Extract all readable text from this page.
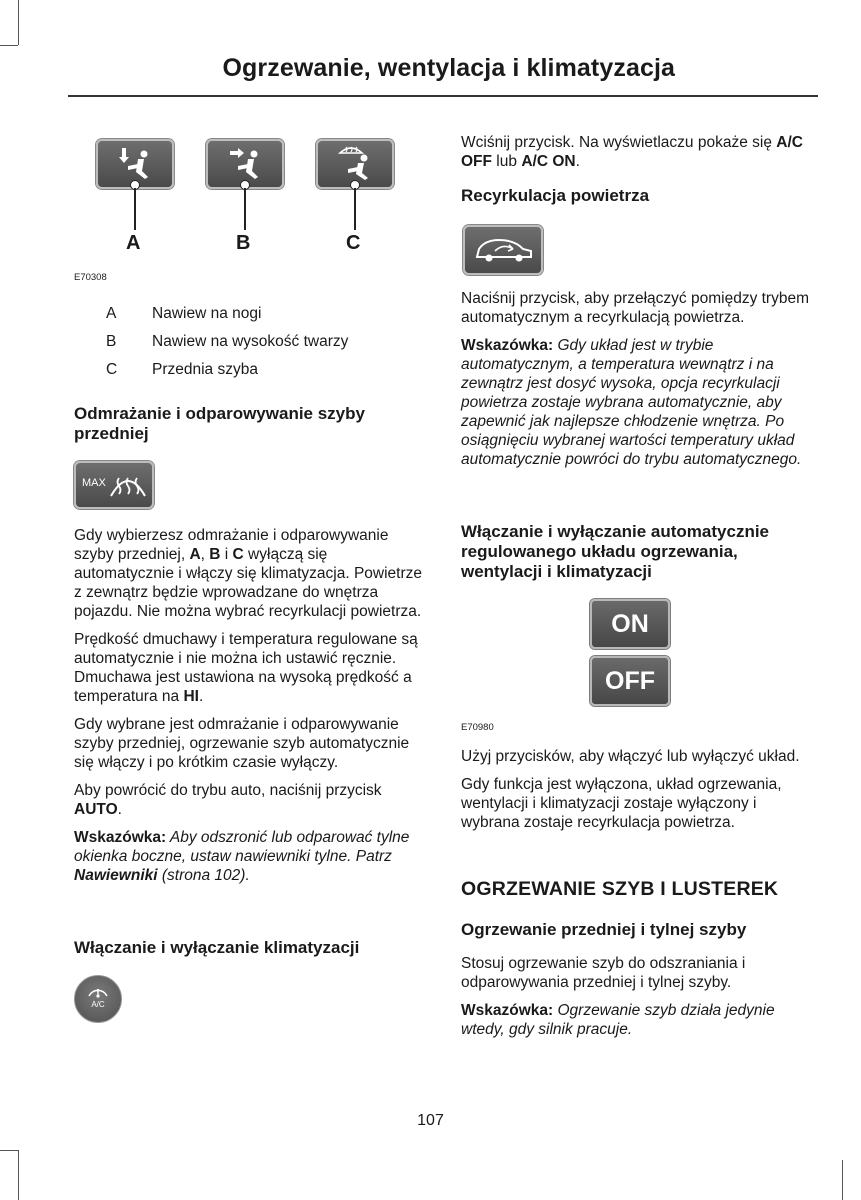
Ogrzewanie, wentylacja i klimatyzacja
A	B	C
E70308
A Nawiew na nogi
B Nawiew na wysokość twarzy
C Przednia szyba
Odmrażanie i odparowywanie szyby przedniej
MAX

Gdy wybierzesz odmrażanie i odparowywanie szyby przedniej, A, B i C wyłączą się automatycznie i włączy się klimatyzacja. Powietrze z zewnątrz będzie wprowadzane do wnętrza pojazdu. Nie można wybrać recyrkulacji powietrza.

Prędkość dmuchawy i temperatura regulowane są automatycznie i nie można ich ustawić ręcznie. Dmuchawa jest ustawiona na wysoką prędkość a temperatura na HI.

Gdy wybrane jest odmrażanie i odparowywanie szyby przedniej, ogrzewanie szyb automatycznie się włączy i po krótkim czasie wyłączy.

Aby powrócić do trybu auto, naciśnij przycisk AUTO.

Wskazówka: Aby odszronić lub odparować tylne okienka boczne, ustaw nawiewniki tylne. Patrz Nawiewniki (strona 102).

Włączanie i wyłączanie klimatyzacji
A/C

Wciśnij przycisk. Na wyświetlaczu pokaże się A/C OFF lub A/C ON.

Recyrkulacja powietrza

Naciśnij przycisk, aby przełączyć pomiędzy trybem automatycznym a recyrkulacją powietrza.

Wskazówka: Gdy układ jest w trybie automatycznym, a temperatura wewnątrz i na zewnątrz jest dosyć wysoka, opcja recyrkulacji powietrza zostaje wybrana automatycznie, aby zapewnić jak najlepsze chłodzenie wnętrza. Po osiągnięciu wybranej wartości temperatury układ automatycznie powróci do trybu automatycznego.

Włączanie i wyłączanie automatycznie regulowanego układu ogrzewania, wentylacji i klimatyzacji
ON
OFF
E70980

Użyj przycisków, aby włączyć lub wyłączyć układ.

Gdy funkcja jest wyłączona, układ ogrzewania, wentylacji i klimatyzacji zostaje wyłączony i wybrana zostaje recyrkulacja powietrza.

OGRZEWANIE SZYB I LUSTEREK
Ogrzewanie przedniej i tylnej szyby

Stosuj ogrzewanie szyb do odszraniania i odparowywania przedniej i tylnej szyby.

Wskazówka: Ogrzewanie szyb działa jedynie wtedy, gdy silnik pracuje.

107
